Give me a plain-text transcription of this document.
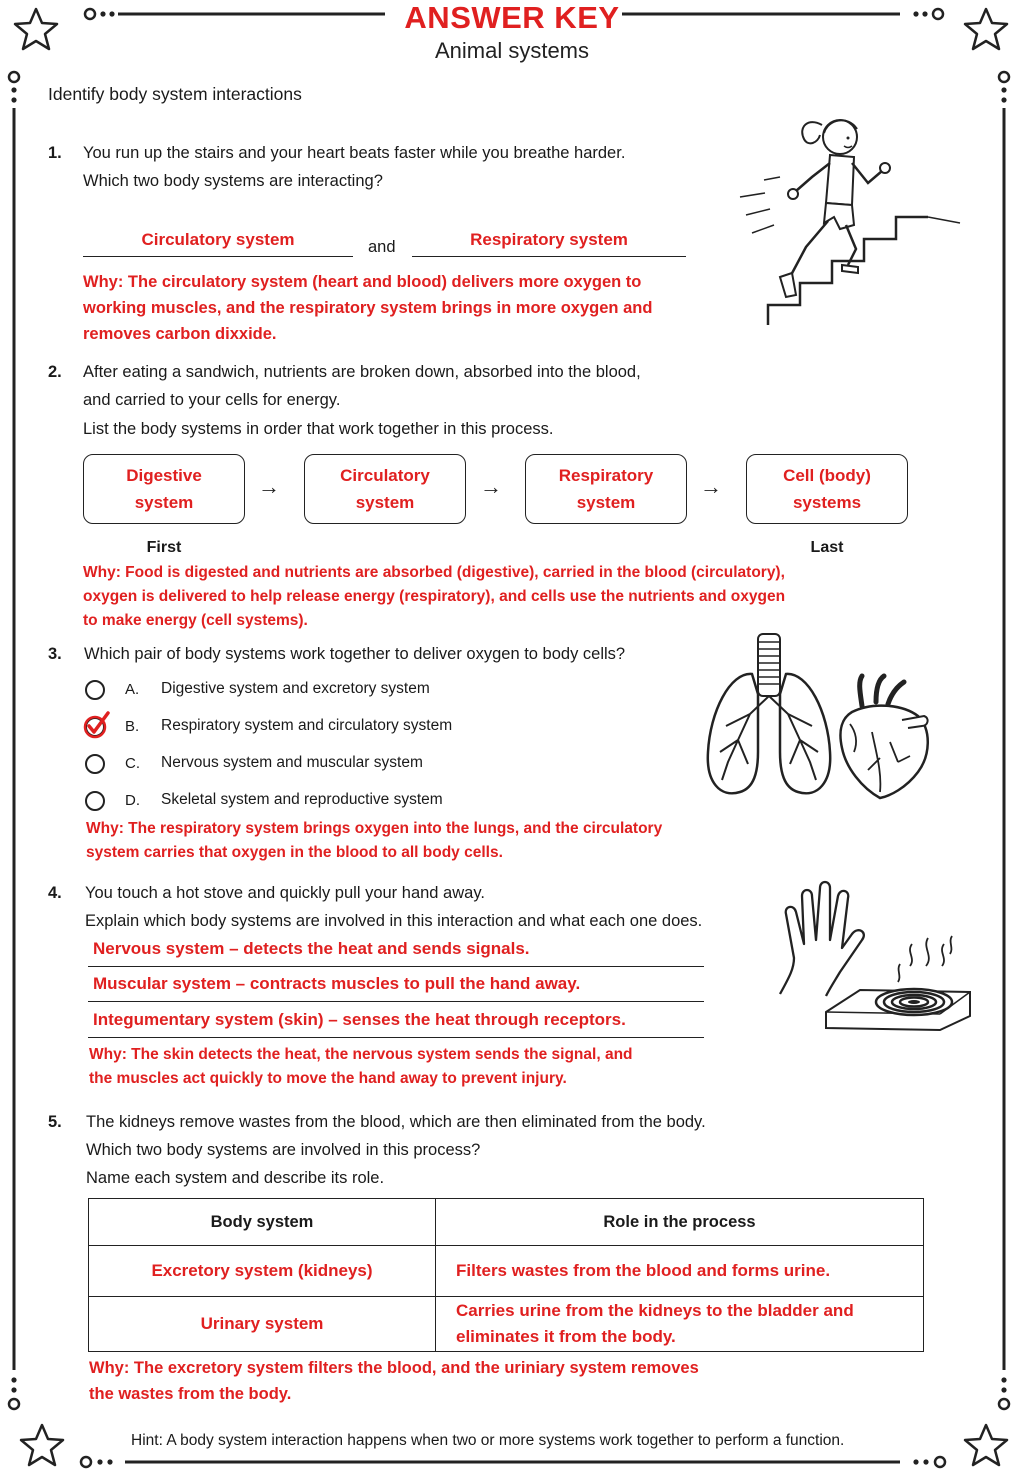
ANSWER KEY
Animal systems
Identify body system interactions
1. You run up the stairs and your heart beats faster while you breathe harder.
Which two body systems are interacting?
Circulatory system	and	Respiratory system
Why: The circulatory system (heart and blood) delivers more oxygen to
working muscles, and the respiratory system brings in more oxygen and
removes carbon dixxide.
2. After eating a sandwich, nutrients are broken down, absorbed into the blood,
and carried to your cells for energy.
List the body systems in order that work together in this process.
Digestive
system
→	Circulatory
system
→	Respiratory
system
→	Cell (body)
systems
First	Last
Why: Food is digested and nutrients are absorbed (digestive), carried in the blood (circulatory),
oxygen is delivered to help release energy (respiratory), and cells use the nutrients and oxygen
to make energy (cell systems).
3. Which pair of body systems work together to deliver oxygen to body cells?
A. Digestive system and excretory system
B. Respiratory system and circulatory system
C. Nervous system and muscular system
D. Skeletal system and reproductive system
Why: The respiratory system brings oxygen into the lungs, and the circulatory
system carries that oxygen in the blood to all body cells.
4. You touch a hot stove and quickly pull your hand away.
Explain which body systems are involved in this interaction and what each one does.
Nervous system – detects the heat and sends signals.
Muscular system – contracts muscles to pull the hand away.
Integumentary system (skin) – senses the heat through receptors.
Why: The skin detects the heat, the nervous system sends the signal, and
the muscles act quickly to move the hand away to prevent injury.
5. The kidneys remove wastes from the blood, which are then eliminated from the body.
Which two body systems are involved in this process?
Name each system and describe its role.
Body system	Role in the process
Excretory system (kidneys)	Filters wastes from the blood and forms urine.
Urinary system	Carries urine from the kidneys to the bladder and
eliminates it from the body.
Why: The excretory system filters the blood, and the uriniary system removes
the wastes from the body.
Hint: A body system interaction happens when two or more systems work together to perform a function.
